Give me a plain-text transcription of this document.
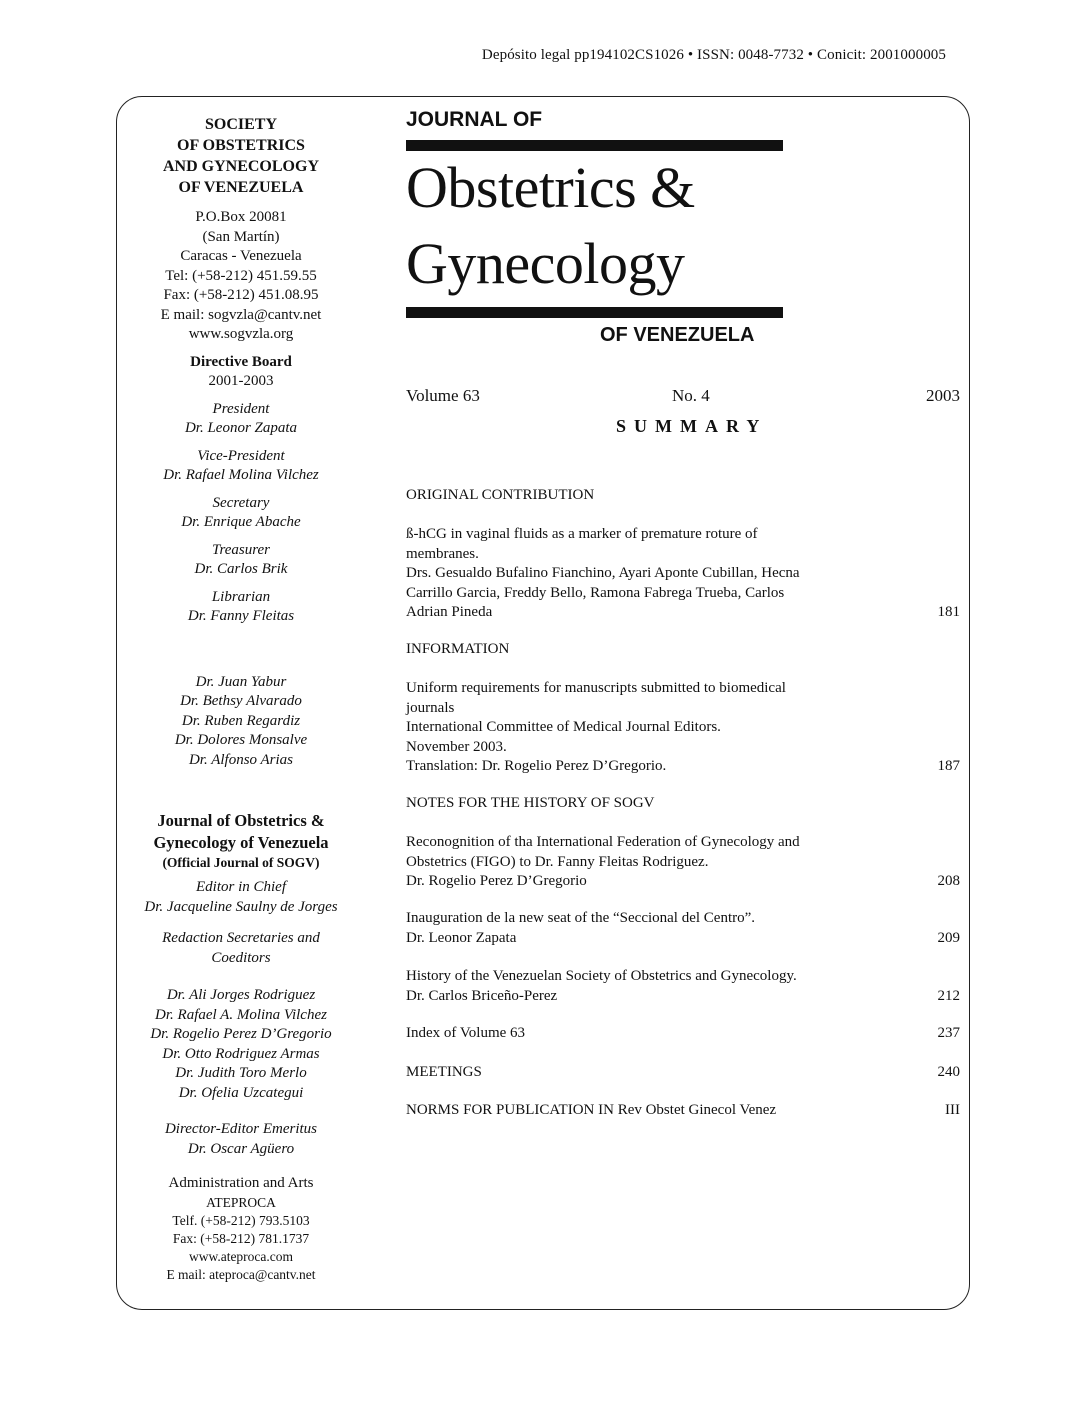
Depósito legal pp194102CS1026 • ISSN: 0048-7732 • Conicit: 2001000005
SOCIETY
OF OBSTETRICS
AND GYNECOLOGY
OF VENEZUELA
P.O.Box 20081
(San Martín)
Caracas - Venezuela
Tel: (+58-212) 451.59.55
Fax: (+58-212) 451.08.95
E mail: sogvzla@cantv.net
www.sogvzla.org
Directive Board
2001-2003
President
Dr. Leonor Zapata
Vice-President
Dr. Rafael Molina Vilchez
Secretary
Dr. Enrique Abache
Treasurer
Dr. Carlos Brik
Librarian
Dr. Fanny Fleitas
Dr. Juan Yabur
Dr. Bethsy Alvarado
Dr. Ruben Regardiz
Dr. Dolores Monsalve
Dr. Alfonso Arias
Journal of Obstetrics &
Gynecology of Venezuela
(Official Journal of SOGV)
Editor in Chief
Dr. Jacqueline Saulny de Jorges
Redaction Secretaries and
Coeditors
Dr. Ali Jorges Rodriguez
Dr. Rafael A. Molina Vilchez
Dr. Rogelio Perez D’Gregorio
Dr. Otto Rodriguez Armas
Dr. Judith Toro Merlo
Dr. Ofelia Uzcategui
Director-Editor Emeritus
Dr. Oscar Agüero
Administration and Arts
ATEPROCA
Telf. (+58-212) 793.5103
Fax: (+58-212) 781.1737
www.ateproca.com
E mail: ateproca@cantv.net
JOURNAL OF
Obstetrics &
Gynecology
OF VENEZUELA
Volume 63	No. 4	2003
SUMMARY
ORIGINAL CONTRIBUTION
ß-hCG in vaginal fluids as a marker of premature roture of
membranes.
Drs. Gesualdo Bufalino Fianchino, Ayari Aponte Cubillan, Hecna
Carrillo Garcia, Freddy Bello, Ramona Fabrega Trueba, Carlos
Adrian Pineda	181
INFORMATION
Uniform requirements for manuscripts submitted to biomedical
journals
International Committee of Medical Journal Editors.
November 2003.
Translation: Dr. Rogelio Perez D’Gregorio.	187
NOTES FOR THE HISTORY OF SOGV
Reconognition of tha International Federation of Gynecology and
Obstetrics (FIGO) to Dr. Fanny Fleitas Rodriguez.
Dr. Rogelio Perez D’Gregorio	208
Inauguration de la new seat of the “Seccional del Centro”.
Dr. Leonor Zapata	209
History of the Venezuelan Society of Obstetrics and Gynecology.
Dr. Carlos Briceño-Perez	212
Index of Volume 63	237
MEETINGS	240
NORMS FOR PUBLICATION IN Rev Obstet Ginecol Venez	III
